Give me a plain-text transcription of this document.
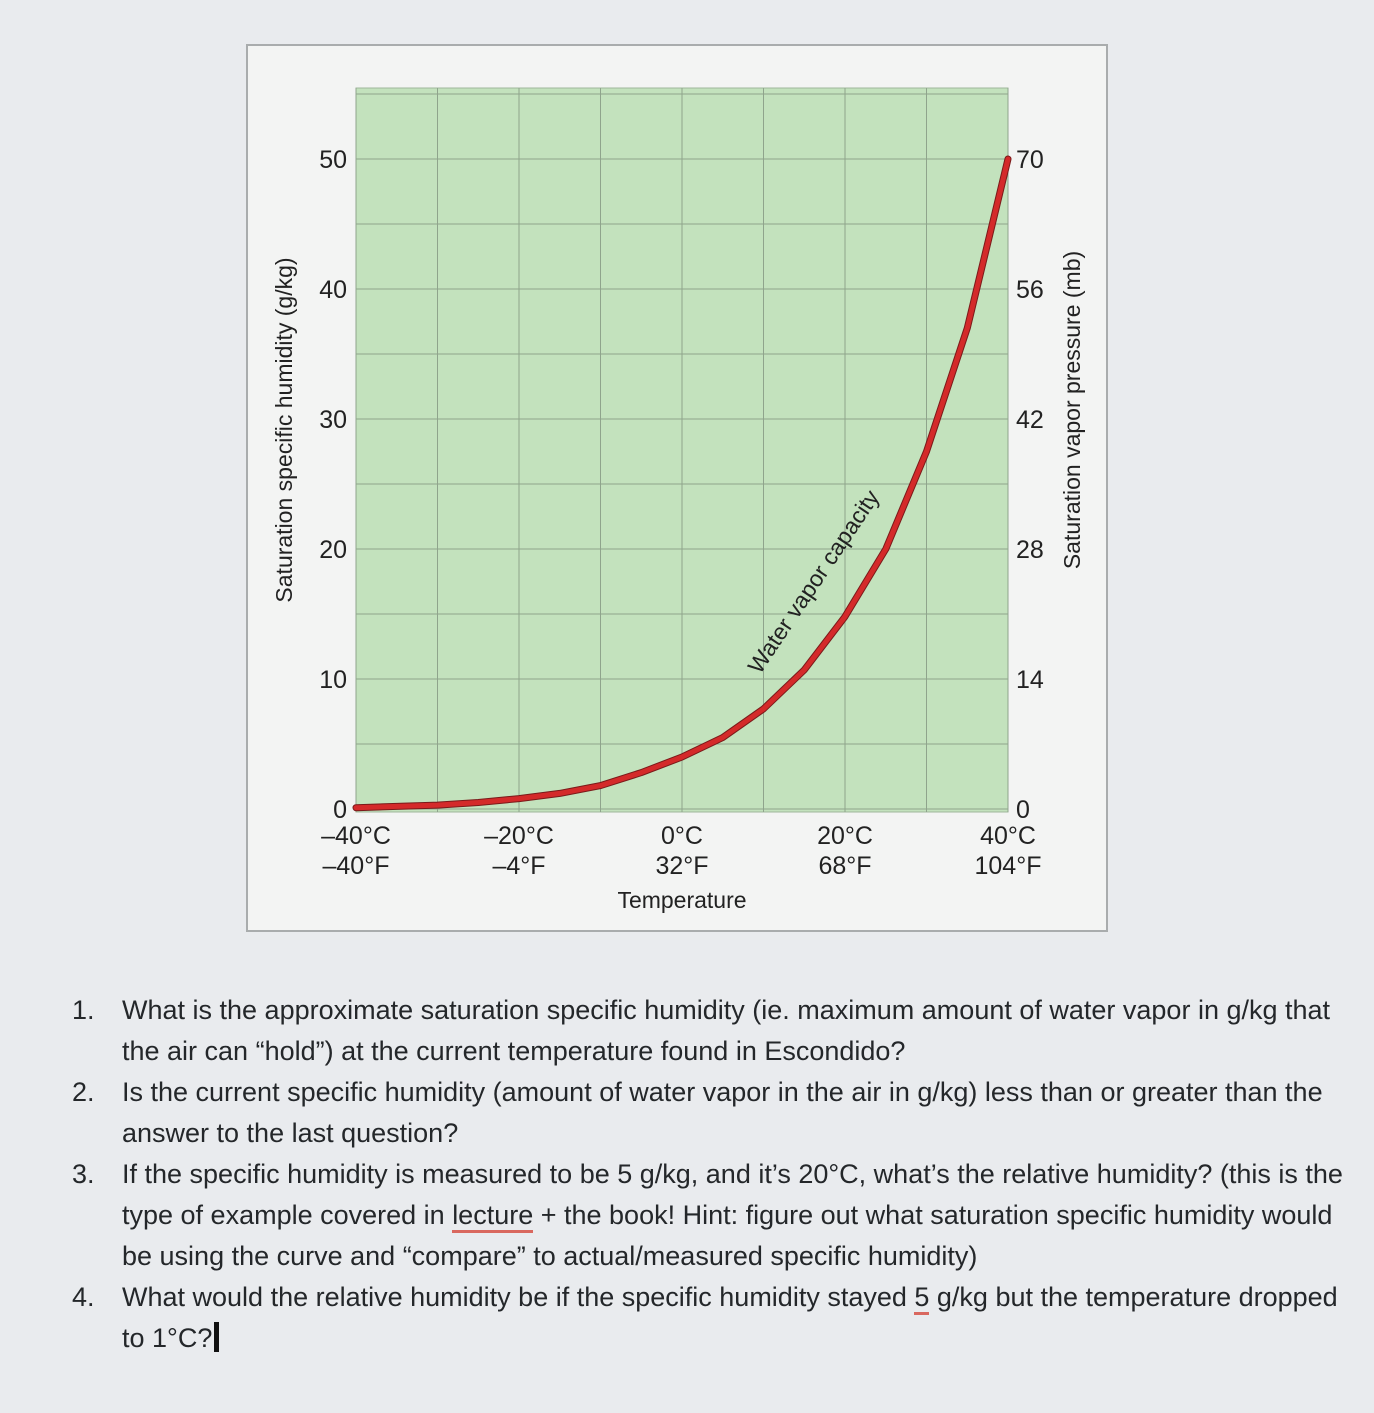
0
10
20
30
40
50
0
14
28
42
56
70
–40°C
–40°F
–20°C
–4°F
0°C
32°F
20°C
68°F
40°C
104°F
Saturation specific humidity (g/kg)	Saturation vapor pressure (mb)
Temperature
Water vapor capacity
1. What is the approximate saturation specific humidity (ie. maximum amount of water vapor in g/kg that the air can “hold”) at the current temperature found in Escondido?
2. Is the current specific humidity (amount of water vapor in the air in g/kg) less than or greater than the answer to the last question?
3. If the specific humidity is measured to be 5 g/kg, and it’s 20°C, what’s the relative humidity? (this is the type of example covered in lecture + the book! Hint: figure out what saturation specific humidity would be using the curve and “compare” to actual/measured specific humidity)
4. What would the relative humidity be if the specific humidity stayed 5 g/kg but the temperature dropped to 1°C?
